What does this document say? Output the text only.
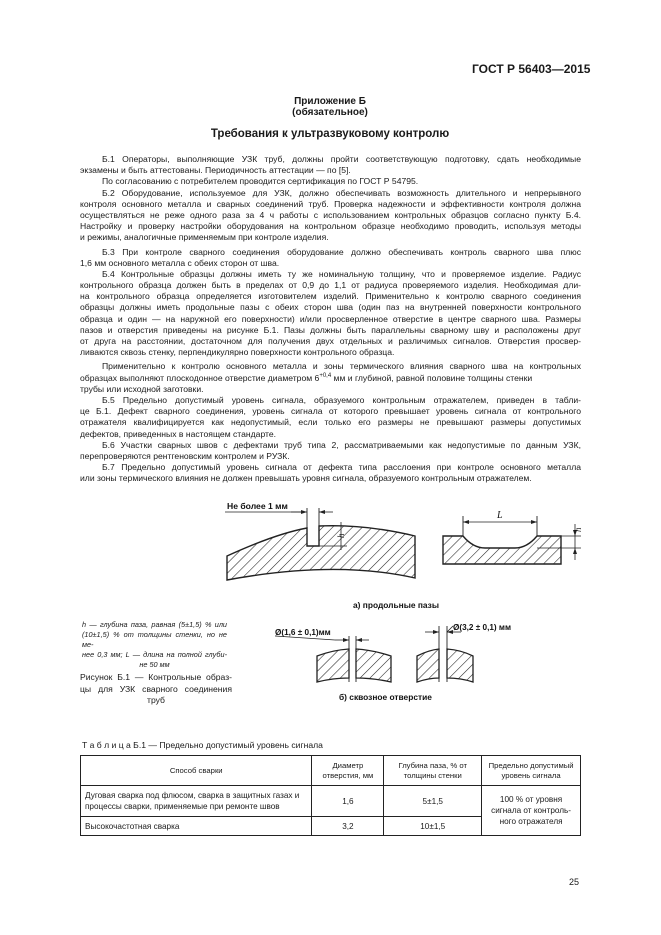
ГОСТ Р 56403—2015
Приложение Б
(обязательное)
Требования к ультразвуковому контролю
Б.1 Операторы, выполняющие УЗК труб, должны пройти соответствующую подготовку, сдать необходимые
экзамены и быть аттестованы. Периодичность аттестации — по [5].
По согласованию с потребителем проводится сертификация по ГОСТ Р 54795.
Б.2 Оборудование, используемое для УЗК, должно обеспечивать возможность длительного и непрерывного
контроля основного металла и сварных соединений труб. Проверка надежности и эффективности контроля должна
осуществляться не реже одного раза за 4 ч работы с использованием контрольных образцов согласно пункту Б.4.
Настройку и проверку настройки оборудования на контрольном образце необходимо проводить, используя методы
и режимы, аналогичные применяемым при контроле изделия.
Б.3 При контроле сварного соединения оборудование должно обеспечивать контроль сварного шва плюс
1,6 мм основного металла с обеих сторон от шва.
Б.4 Контрольные образцы должны иметь ту же номинальную толщину, что и проверяемое изделие. Радиус
контрольного образца должен быть в пределах от 0,9 до 1,1 от радиуса проверяемого изделия. Необходимая дли-
на контрольного образца определяется изготовителем изделий. Применительно к контролю сварного соединения
образцы должны иметь продольные пазы с обеих сторон шва (один паз на внутренней поверхности контрольного
образца и один — на наружной его поверхности) и/или просверленное отверстие в центре сварного шва. Размеры
пазов и отверстия приведены на рисунке Б.1. Пазы должны быть параллельны сварному шву и расположены друг
от друга на расстоянии, достаточном для получения двух отдельных и различимых сигналов. Отверстия просвер-
ливаются сквозь стенку, перпендикулярно поверхности контрольного образца.
Применительно к контролю основного металла и зоны термического влияния сварного шва на контрольных
образцах выполняют плоскодонное отверстие диаметром $6^{+0,4}$ мм и глубиной, равной половине толщины стенки
трубы или исходной заготовки.
Б.5 Предельно допустимый уровень сигнала, образуемого контрольным отражателем, приведен в табли-
це Б.1. Дефект сварного соединения, уровень сигнала от которого превышает уровень сигнала от контрольного
отражателя квалифицируется как недопустимый, если только его размеры не превышают размеры допустимых
дефектов, приведенных в настоящем стандарте.
Б.6 Участки сварных швов с дефектами труб типа 2, рассматриваемыми как недопустимые по данным УЗК,
перепроверяются рентгеновским контролем и РУЗК.
Б.7 Предельно допустимый уровень сигнала от дефекта типа расслоения при контроле основного металла
или зоны термического влияния не должен превышать уровня сигнала, образуемого контрольным отражателем.
Не более 1 мм
h
L
h
а) продольные пазы
Ø(1,6 ± 0,1)мм
Ø(3,2 ± 0,1) мм
б) сквозное отверстие
h — глубина паза, равная (5±1,5) % или
(10±1,5) % от толщины стенки, но не ме-
нее 0,3 мм; L — длина на полной глуби-
не 50 мм
Рисунок Б.1 — Контрольные образ-
цы для УЗК сварного соединения
труб
Т а б л и ц а Б.1 — Предельно допустимый уровень сигнала
Способ сварки	Диаметр отверстия, мм	Глубина паза, % от толщины стенки	Предельно допустимый уровень сигнала
Дуговая сварка под флюсом, сварка в защитных газах и процессы сварки, применяемые при ремонте швов	1,6	5±1,5	100 % от уровня сигнала от контроль-ного отражателя
Высокочастотная сварка	3,2	10±1,5	
25
